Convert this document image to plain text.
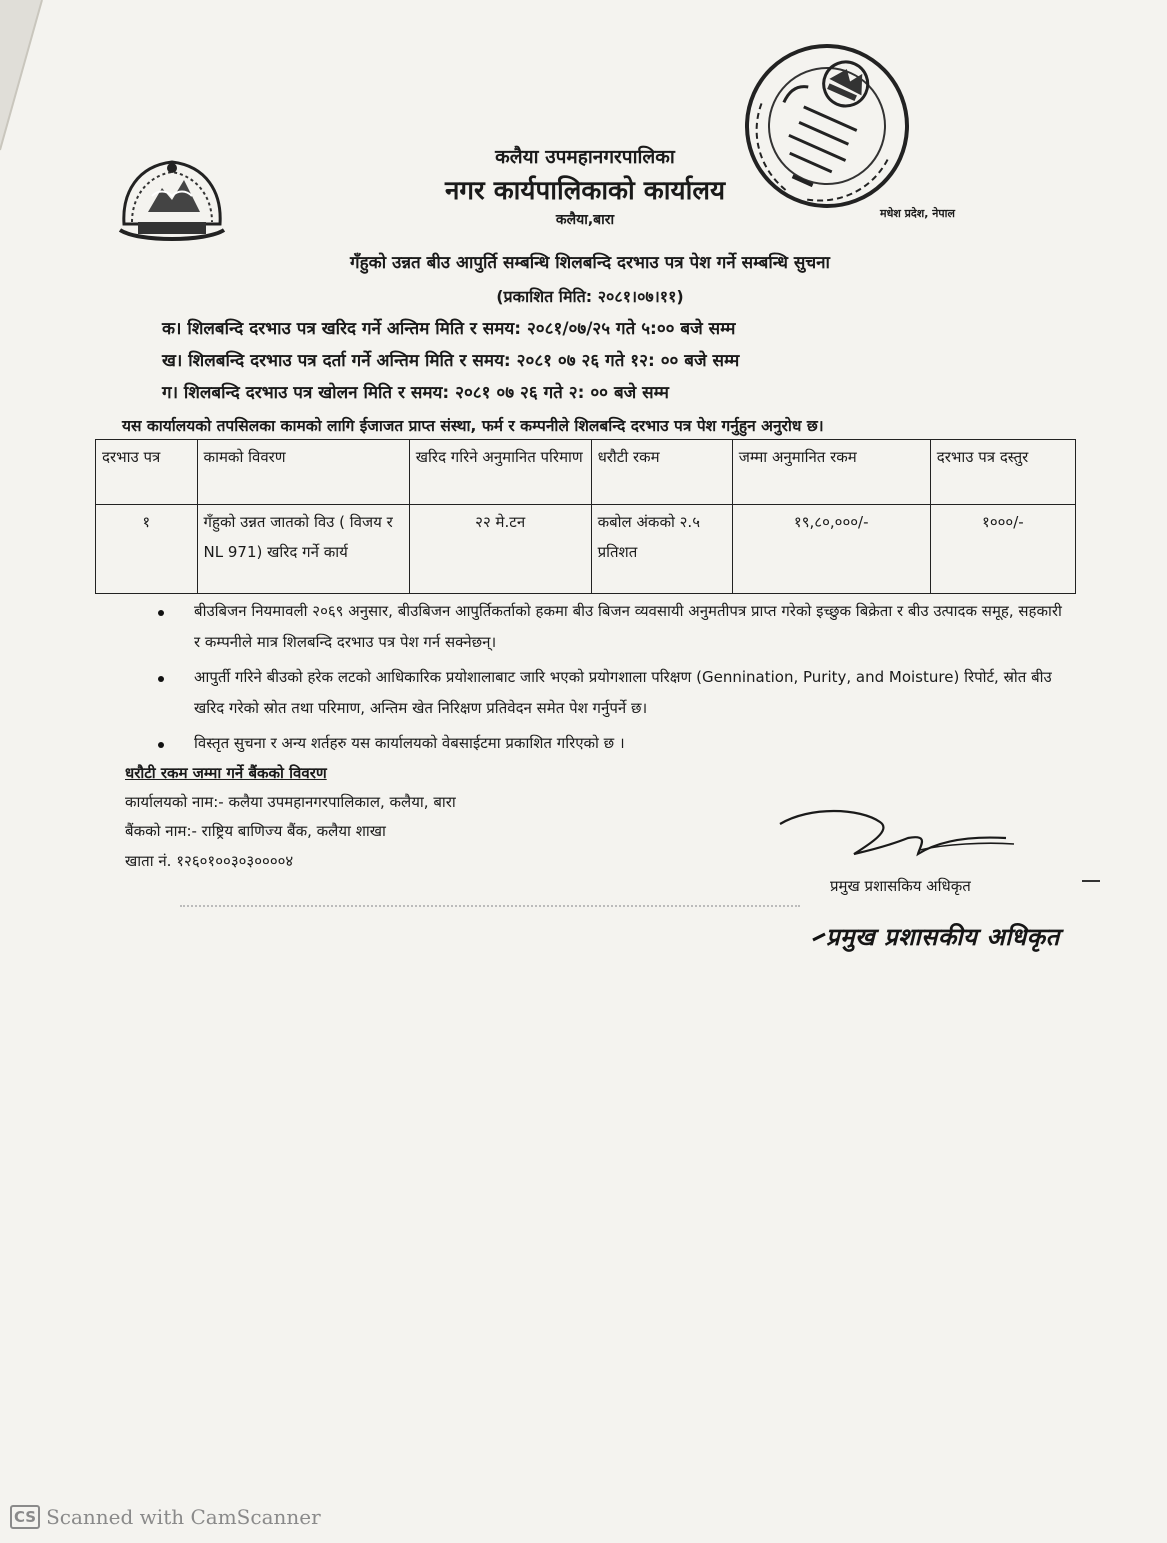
कलैया उपमहानगरपालिका
नगर कार्यपालिकाको कार्यालय
कलैया,बारा	मधेश प्रदेश, नेपाल
गँहुको उन्नत बीउ आपुर्ति सम्बन्धि शिलबन्दि दरभाउ पत्र पेश गर्ने सम्बन्धि सुचना
(प्रकाशित मिति: २०८१।०७।११)
क। शिलबन्दि दरभाउ पत्र खरिद गर्ने अन्तिम मिति र समय: २०८१/०७/२५ गते ५:०० बजे सम्म
ख। शिलबन्दि दरभाउ पत्र दर्ता गर्ने अन्तिम मिति र समय: २०८१ ०७ २६ गते १२: ०० बजे सम्म
ग। शिलबन्दि दरभाउ पत्र खोलन मिति र समय: २०८१ ०७ २६ गते २: ०० बजे सम्म
यस कार्यालयको तपसिलका कामको लागि ईजाजत प्राप्त संस्था, फर्म र कम्पनीले शिलबन्दि दरभाउ पत्र पेश गर्नुहुन अनुरोध छ।
दरभाउ पत्र	कामको विवरण	खरिद गरिने अनुमानित परिमाण	धरौटी रकम	जम्मा अनुमानित रकम	दरभाउ पत्र दस्तुर
१	गँहुको उन्नत जातको विउ ( विजय र NL 971) खरिद गर्ने कार्य	२२ मे.टन	कबोल अंकको २.५ प्रतिशत	१९,८०,०००/-	१०००/-
बीउबिजन नियमावली २०६९ अनुसार, बीउबिजन आपुर्तिकर्ताको हकमा बीउ बिजन व्यवसायी अनुमतीपत्र प्राप्त गरेको इच्छुक बिक्रेता र बीउ उत्पादक समूह, सहकारी र कम्पनीले मात्र शिलबन्दि दरभाउ पत्र पेश गर्न सक्नेछन्।
आपुर्ती गरिने बीउको हरेक लटको आधिकारिक प्रयोशालाबाट जारि भएको प्रयोगशाला परिक्षण (Gennination, Purity, and Moisture) रिपोर्ट, स्रोत बीउ खरिद गरेको स्रोत तथा परिमाण, अन्तिम खेत निरिक्षण प्रतिवेदन समेत पेश गर्नुपर्ने छ।
विस्तृत सुचना र अन्य शर्तहरु यस कार्यालयको वेबसाईटमा प्रकाशित गरिएको छ ।
धरौटी रकम जम्मा गर्ने बैंकको विवरण
कार्यालयको नाम:- कलैया उपमहानगरपालिकाल, कलैया, बारा
बैंकको नाम:- राष्ट्रिय बाणिज्य बैंक, कलैया शाखा
खाता नं. १२६०१००३०३००००४
प्रमुख प्रशासकिय अधिकृत
प्रमुख प्रशासकीय अधिकृत
CS Scanned with CamScanner
